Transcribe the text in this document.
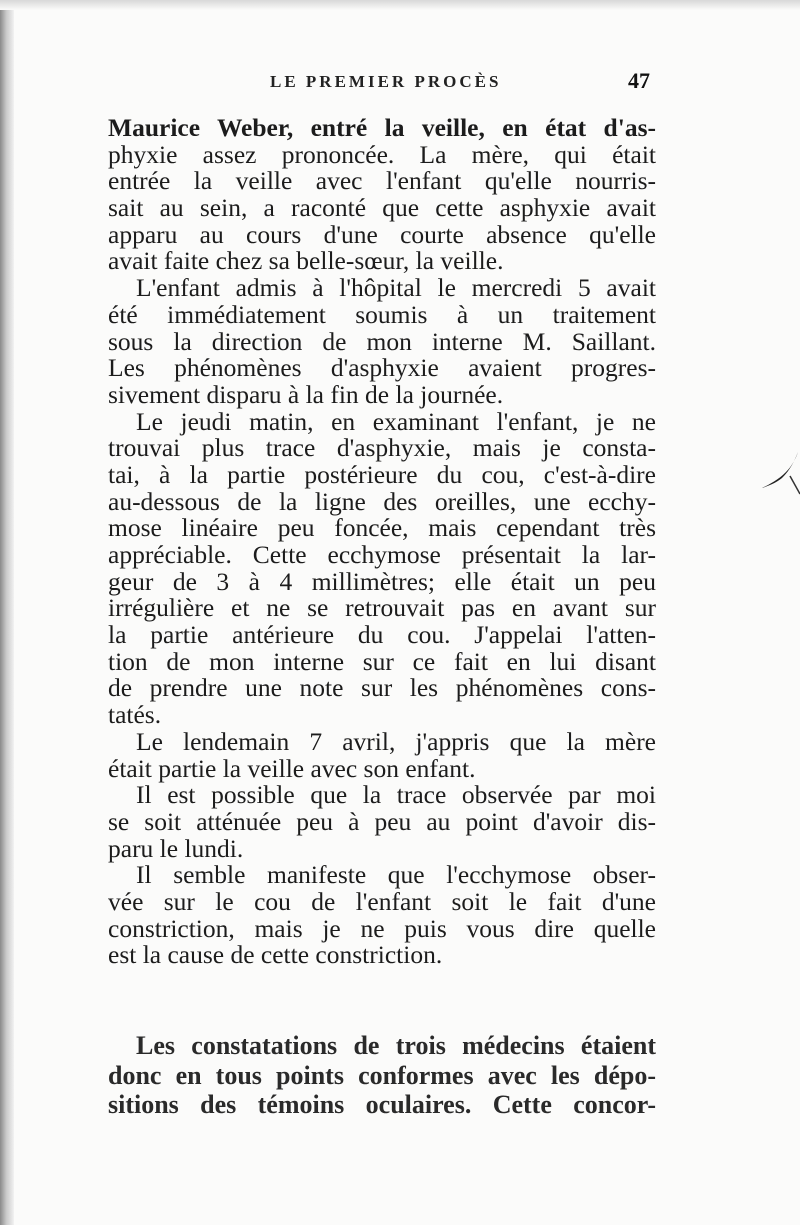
LE PREMIER PROCÈS	47
Maurice Weber, entré la veille, en état d'as-
phyxie assez prononcée. La mère, qui était
entrée la veille avec l'enfant qu'elle nourris-
sait au sein, a raconté que cette asphyxie avait
apparu au cours d'une courte absence qu'elle
avait faite chez sa belle-sœur, la veille.
L'enfant admis à l'hôpital le mercredi 5 avait
été immédiatement soumis à un traitement
sous la direction de mon interne M. Saillant.
Les phénomènes d'asphyxie avaient progres-
sivement disparu à la fin de la journée.
Le jeudi matin, en examinant l'enfant, je ne
trouvai plus trace d'asphyxie, mais je consta-
tai, à la partie postérieure du cou, c'est-à-dire
au-dessous de la ligne des oreilles, une ecchy-
mose linéaire peu foncée, mais cependant très
appréciable. Cette ecchymose présentait la lar-
geur de 3 à 4 millimètres; elle était un peu
irrégulière et ne se retrouvait pas en avant sur
la partie antérieure du cou. J'appelai l'atten-
tion de mon interne sur ce fait en lui disant
de prendre une note sur les phénomènes cons-
tatés.
Le lendemain 7 avril, j'appris que la mère
était partie la veille avec son enfant.
Il est possible que la trace observée par moi
se soit atténuée peu à peu au point d'avoir dis-
paru le lundi.
Il semble manifeste que l'ecchymose obser-
vée sur le cou de l'enfant soit le fait d'une
constriction, mais je ne puis vous dire quelle
est la cause de cette constriction.
Les constatations de trois médecins étaient
donc en tous points conformes avec les dépo-
sitions des témoins oculaires. Cette concor-
